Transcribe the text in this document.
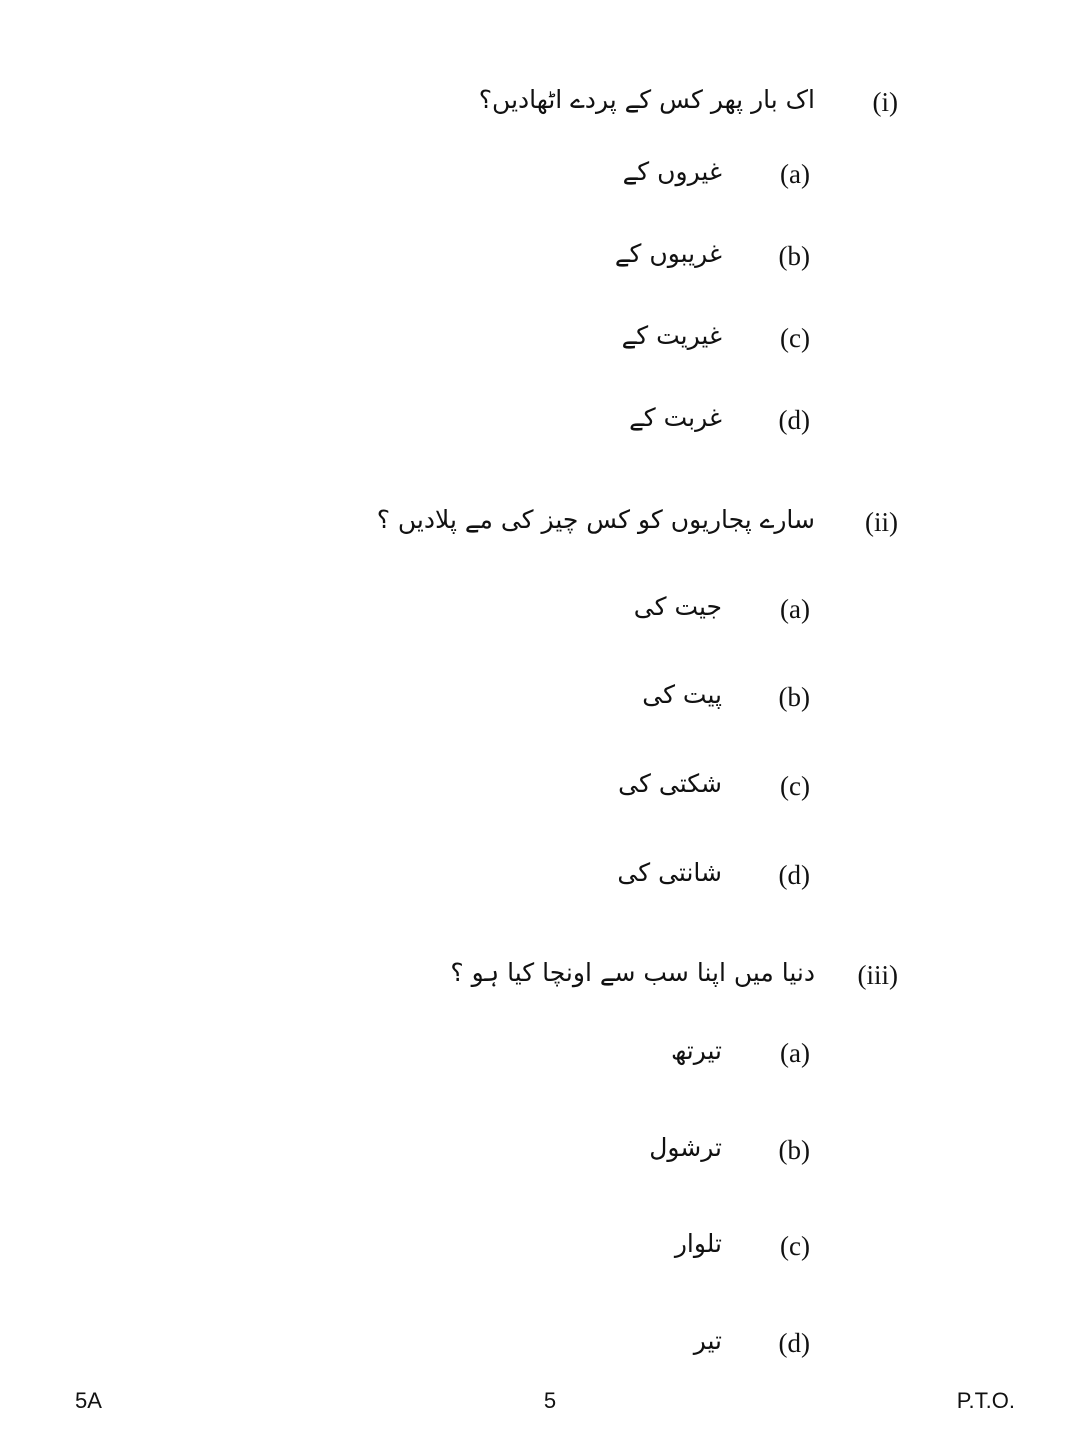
(i)
اک بار پھر کس کے پردے اٹھادیں؟
(a)
غیروں کے
(b)
غریبوں کے
(c)
غیریت کے
(d)
غربت کے
(ii)
سارے پجاریوں کو کس چیز کی مے پلادیں ؟
(a)
جیت کی
(b)
پیت کی
(c)
شکتی کی
(d)
شانتی کی
(iii)
دنیا میں اپنا سب سے اونچا کیا ہو ؟
(a)
تیرتھ
(b)
ترشول
(c)
تلوار
(d)
تیر
5A	5	P.T.O.
